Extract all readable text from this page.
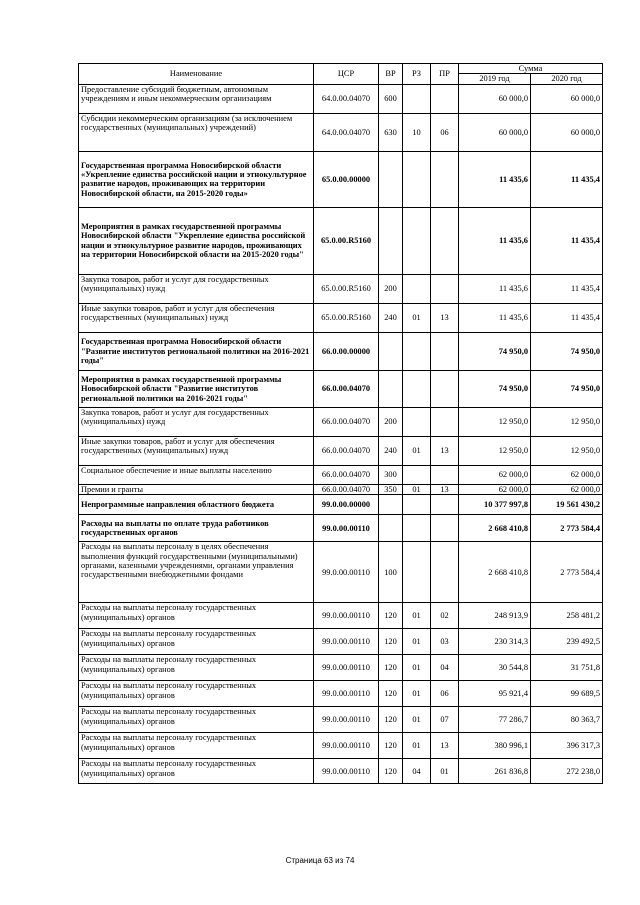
Наименование	ЦСР	ВР	РЗ	ПР	Сумма	
					2019 год	2020 год
Предоставление субсидий бюджетным, автономным учреждениям и иным некоммерческим организациям	64.0.00.04070	600			60 000,0	60 000,0
Субсидии некоммерческим организациям (за исключением государственных (муниципальных) учреждений)	64.0.00.04070	630	10	06	60 000,0	60 000,0
Государственная программа Новосибирской области «Укрепление единства российской нации и этнокультурное развитие народов, проживающих на территории Новосибирской области, на 2015-2020 годы»	65.0.00.00000				11 435,6	11 435,4
Мероприятия в рамках государственной программы Новосибирской области "Укрепление единства российской нации и этнокультурное развитие народов, проживающих на территории Новосибирской области на 2015-2020 годы"	65.0.00.R5160				11 435,6	11 435,4
Закупка товаров, работ и услуг для государственных (муниципальных) нужд	65.0.00.R5160	200			11 435,6	11 435,4
Иные закупки товаров, работ и услуг для обеспечения государственных (муниципальных) нужд	65.0.00.R5160	240	01	13	11 435,6	11 435,4
Государственная программа Новосибирской области "Развитие институтов региональной политики на 2016-2021 годы"	66.0.00.00000				74 950,0	74 950,0
Мероприятия в рамках государственной программы Новосибирской области "Развитие институтов региональной политики на 2016-2021 годы"	66.0.00.04070				74 950,0	74 950,0
Закупка товаров, работ и услуг для государственных (муниципальных) нужд	66.0.00.04070	200			12 950,0	12 950,0
Иные закупки товаров, работ и услуг для обеспечения государственных (муниципальных) нужд	66.0.00.04070	240	01	13	12 950,0	12 950,0
Социальное обеспечение и иные выплаты населению	66.0.00.04070	300			62 000,0	62 000,0
Премии и гранты	66.0.00.04070	350	01	13	62 000,0	62 000,0
Непрограммные направления областного бюджета	99.0.00.00000				10 377 997,8	19 561 430,2
Расходы на выплаты по оплате труда работников государственных органов	99.0.00.00110				2 668 410,8	2 773 584,4
Расходы на выплаты персоналу в целях обеспечения выполнения функций государственными (муниципальными) органами, казенными учреждениями, органами управления государственными внебюджетными фондами	99.0.00.00110	100			2 668 410,8	2 773 584,4
Расходы на выплаты персоналу государственных (муниципальных) органов	99.0.00.00110	120	01	02	248 913,9	258 481,2
Расходы на выплаты персоналу государственных (муниципальных) органов	99.0.00.00110	120	01	03	230 314,3	239 492,5
Расходы на выплаты персоналу государственных (муниципальных) органов	99.0.00.00110	120	01	04	30 544,8	31 751,8
Расходы на выплаты персоналу государственных (муниципальных) органов	99.0.00.00110	120	01	06	95 921,4	99 689,5
Расходы на выплаты персоналу государственных (муниципальных) органов	99.0.00.00110	120	01	07	77 286,7	80 363,7
Расходы на выплаты персоналу государственных (муниципальных) органов	99.0.00.00110	120	01	13	380 996,1	396 317,3
Расходы на выплаты персоналу государственных (муниципальных) органов	99.0.00.00110	120	04	01	261 836,8	272 238,0
Страница 63 из 74
